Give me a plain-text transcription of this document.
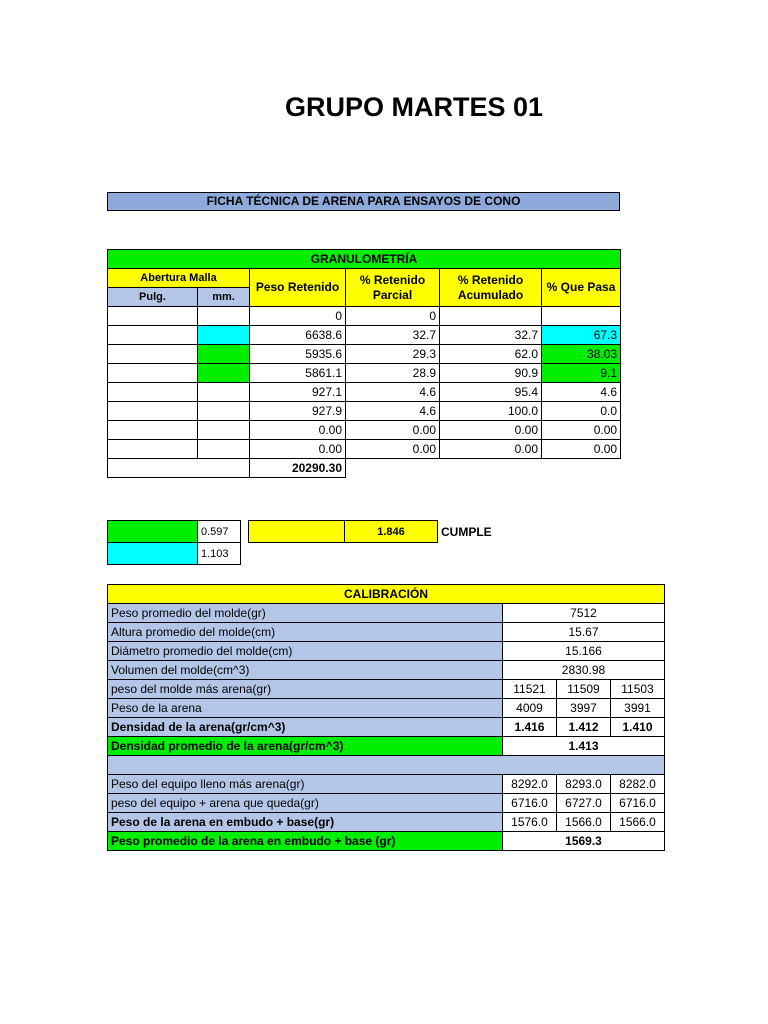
GRUPO MARTES 01
FICHA TÉCNICA DE ARENA PARA ENSAYOS DE CONO
GRANULOMETRÍA					
Abertura Malla		Peso Retenido	% Retenido Parcial	% Retenido Acumulado	% Que Pasa
Pulg.	mm.				
		0	0		
		6638.6	32.7	32.7	67.3
		5935.6	29.3	62.0	38.03
		5861.1	28.9	90.9	9.1
		927.1	4.6	95.4	4.6
		927.9	4.6	100.0	0.0
		0.00	0.00	0.00	0.00
		0.00	0.00	0.00	0.00
		20290.30			
	0.597
	1.103
	1.846	CUMPLE
CALIBRACIÓN			
Peso promedio del molde(gr)	7512		
Altura promedio del molde(cm)	15.67		
Diámetro promedio del molde(cm)	15.166		
Volumen del molde(cm^3)	2830.98		
peso del molde más arena(gr)	11521	11509	11503
Peso de la arena	4009	3997	3991
Densidad de la arena(gr/cm^3)	1.416	1.412	1.410
Densidad promedio de la arena(gr/cm^3)	1.413		

Peso del equipo lleno más arena(gr)	8292.0	8293.0	8282.0
peso del equipo + arena que queda(gr)	6716.0	6727.0	6716.0
Peso de la arena en embudo + base(gr)	1576.0	1566.0	1566.0
Peso promedio de la arena en embudo + base (gr)	1569.3		
